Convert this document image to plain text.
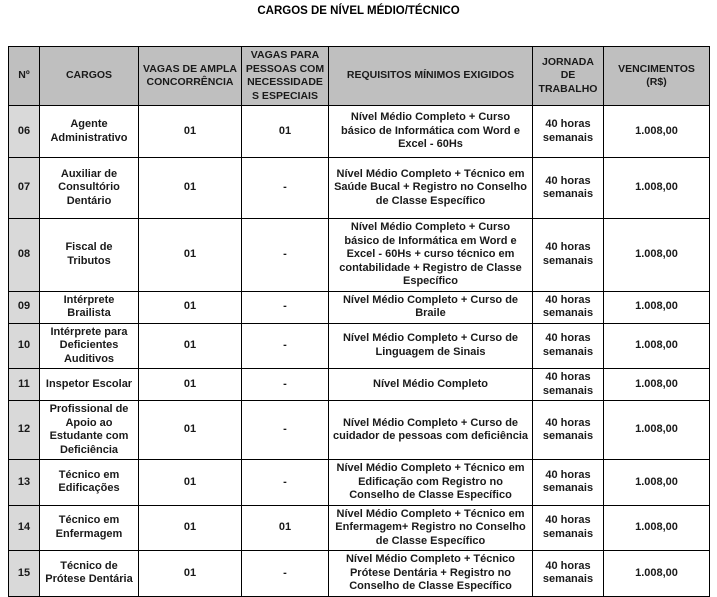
CARGOS DE NÍVEL MÉDIO/TÉCNICO
Nº	CARGOS	VAGAS DE AMPLA CONCORRÊNCIA	VAGAS PARA PESSOAS COM NECESSIDADES ESPECIAIS	REQUISITOS MÍNIMOS EXIGIDOS	JORNADA DE TRABALHO	VENCIMENTOS (R$)
06	Agente Administrativo	01	01	Nível Médio Completo + Curso básico de Informática com Word e Excel - 60Hs	40 horas semanais	1.008,00
07	Auxiliar de Consultório Dentário	01	-	Nível Médio Completo + Técnico em Saúde Bucal + Registro no Conselho de Classe Específico	40 horas semanais	1.008,00
08	Fiscal de Tributos	01	-	Nível Médio Completo + Curso básico de Informática em Word e Excel - 60Hs + curso técnico em contabilidade + Registro de Classe Específico	40 horas semanais	1.008,00
09	Intérprete Brailista	01	-	Nível Médio Completo + Curso de Braile	40 horas semanais	1.008,00
10	Intérprete para Deficientes Auditivos	01	-	Nível Médio Completo + Curso de Linguagem de Sinais	40 horas semanais	1.008,00
11	Inspetor Escolar	01	-	Nível Médio Completo	40 horas semanais	1.008,00
12	Profissional de Apoio ao Estudante com Deficiência	01	-	Nível Médio Completo + Curso de cuidador de pessoas com deficiência	40 horas semanais	1.008,00
13	Técnico em Edificações	01	-	Nível Médio Completo + Técnico em Edificação com Registro no Conselho de Classe Específico	40 horas semanais	1.008,00
14	Técnico em Enfermagem	01	01	Nível Médio Completo + Técnico em Enfermagem+ Registro no Conselho de Classe Específico	40 horas semanais	1.008,00
15	Técnico de Prótese Dentária	01	-	Nível Médio Completo + Técnico Prótese Dentária + Registro no Conselho de Classe Específico	40 horas semanais	1.008,00
